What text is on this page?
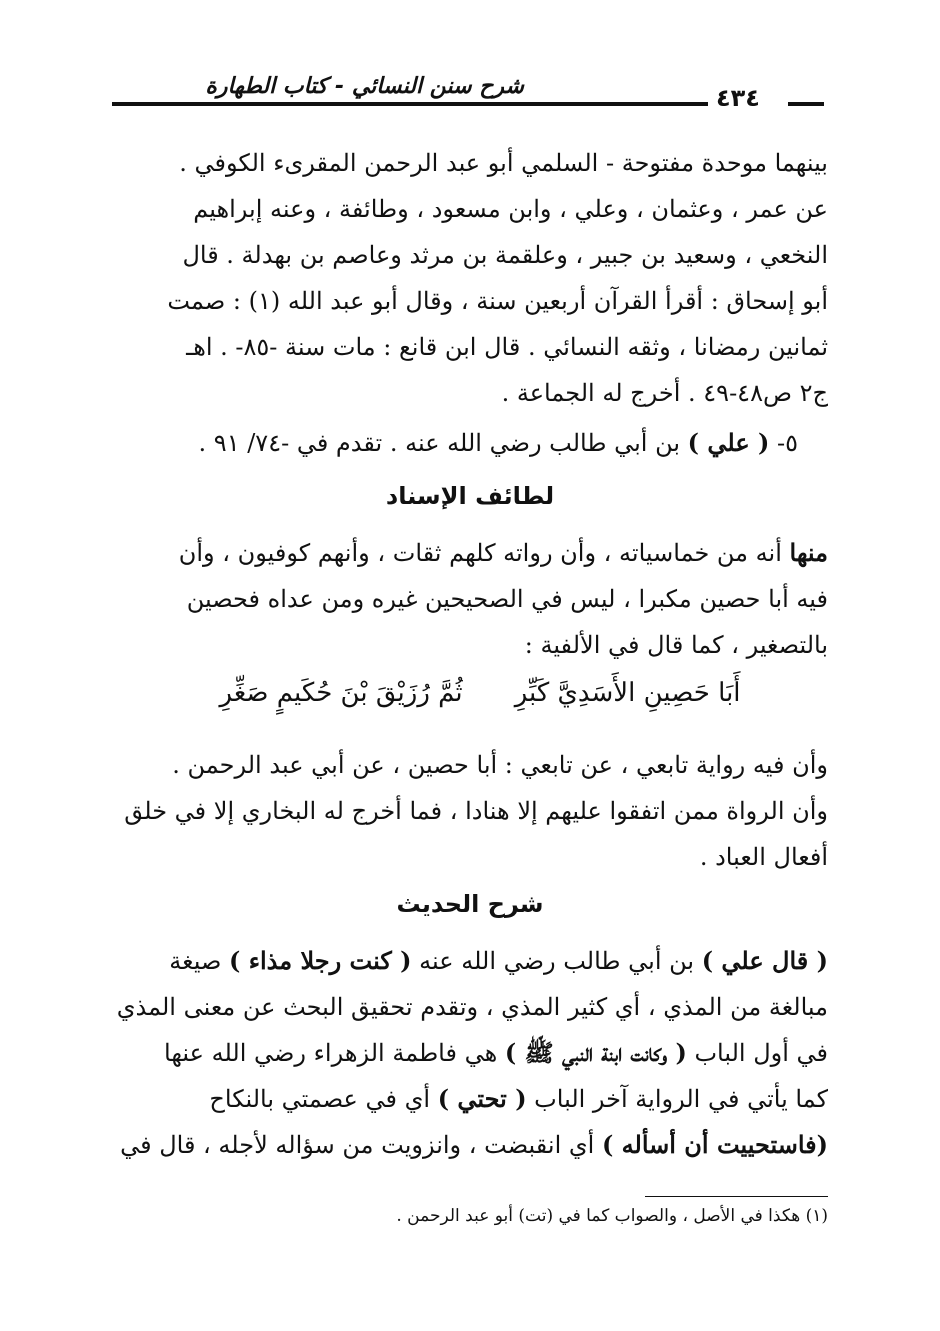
شرح سنن النسائي - كتاب الطهارة	٤٣٤
بينهما موحدة مفتوحة - السلمي أبو عبد الرحمن المقرىء الكوفي .
عن عمر ، وعثمان ، وعلي ، وابن مسعود ، وطائفة ، وعنه إبراهيم
النخعي ، وسعيد بن جبير ، وعلقمة بن مرثد وعاصم بن بهدلة . قال
أبو إسحاق : أقرأ القرآن أربعين سنة ، وقال أبو عبد الله (١) : صمت
ثمانين رمضانا ، وثقه النسائي . قال ابن قانع : مات سنة -٨٥- . اهـ
ج٢ ص٤٨-٤٩ . أخرج له الجماعة .
٥- ( علي ) بن أبي طالب رضي الله عنه . تقدم في -٧٤/ ٩١ .
لطائف الإسناد
منها أنه من خماسياته ، وأن رواته كلهم ثقات ، وأنهم كوفيون ، وأن
فيه أبا حصين مكبرا ، ليس في الصحيحين غيره ومن عداه فحصين
بالتصغير ، كما قال في الألفية :
أَبَا حَصِينِ الأَسَدِيَّ كَبِّرِثُمَّ رُزَيْقَ بْنَ حُكَيمٍ صَغِّرِ
وأن فيه رواية تابعي ، عن تابعي : أبا حصين ، عن أبي عبد الرحمن .
وأن الرواة ممن اتفقوا عليهم إلا هنادا ، فما أخرج له البخاري إلا في خلق
أفعال العباد .
شرح الحديث
( قال علي ) بن أبي طالب رضي الله عنه ( كنت رجلا مذاء ) صيغة
مبالغة من المذي ، أي كثير المذي ، وتقدم تحقيق البحث عن معنى المذي
في أول الباب ( وكانت ابنة النبي ﷺ ) هي فاطمة الزهراء رضي الله عنها
كما يأتي في الرواية آخر الباب ( تحتي ) أي في عصمتي بالنكاح
(فاستحييت أن أسأله ) أي انقبضت ، وانزويت من سؤاله لأجله ، قال في
(١) هكذا في الأصل ، والصواب كما في (تت) أبو عبد الرحمن .
